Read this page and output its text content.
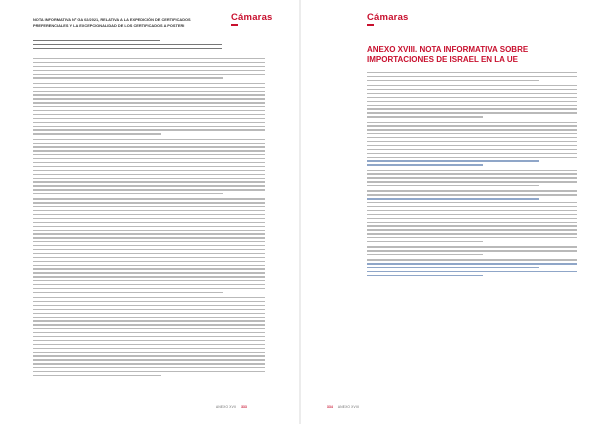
NOTA INFORMATIVA Nº GA 02/2021, RELATIVA A LA EXPEDICIÓN DE CERTIFICADOS PREFERENCIALES Y LA EXCEPCIONALIDAD DE LOS CERTIFICADOS A POSTERI
Cámaras
ANEXO XVII 333
Cámaras
ANEXO XVIII. NOTA INFORMATIVA SOBRE IMPORTACIONES DE ISRAEL EN LA UE
334 ANEXO XVIII
